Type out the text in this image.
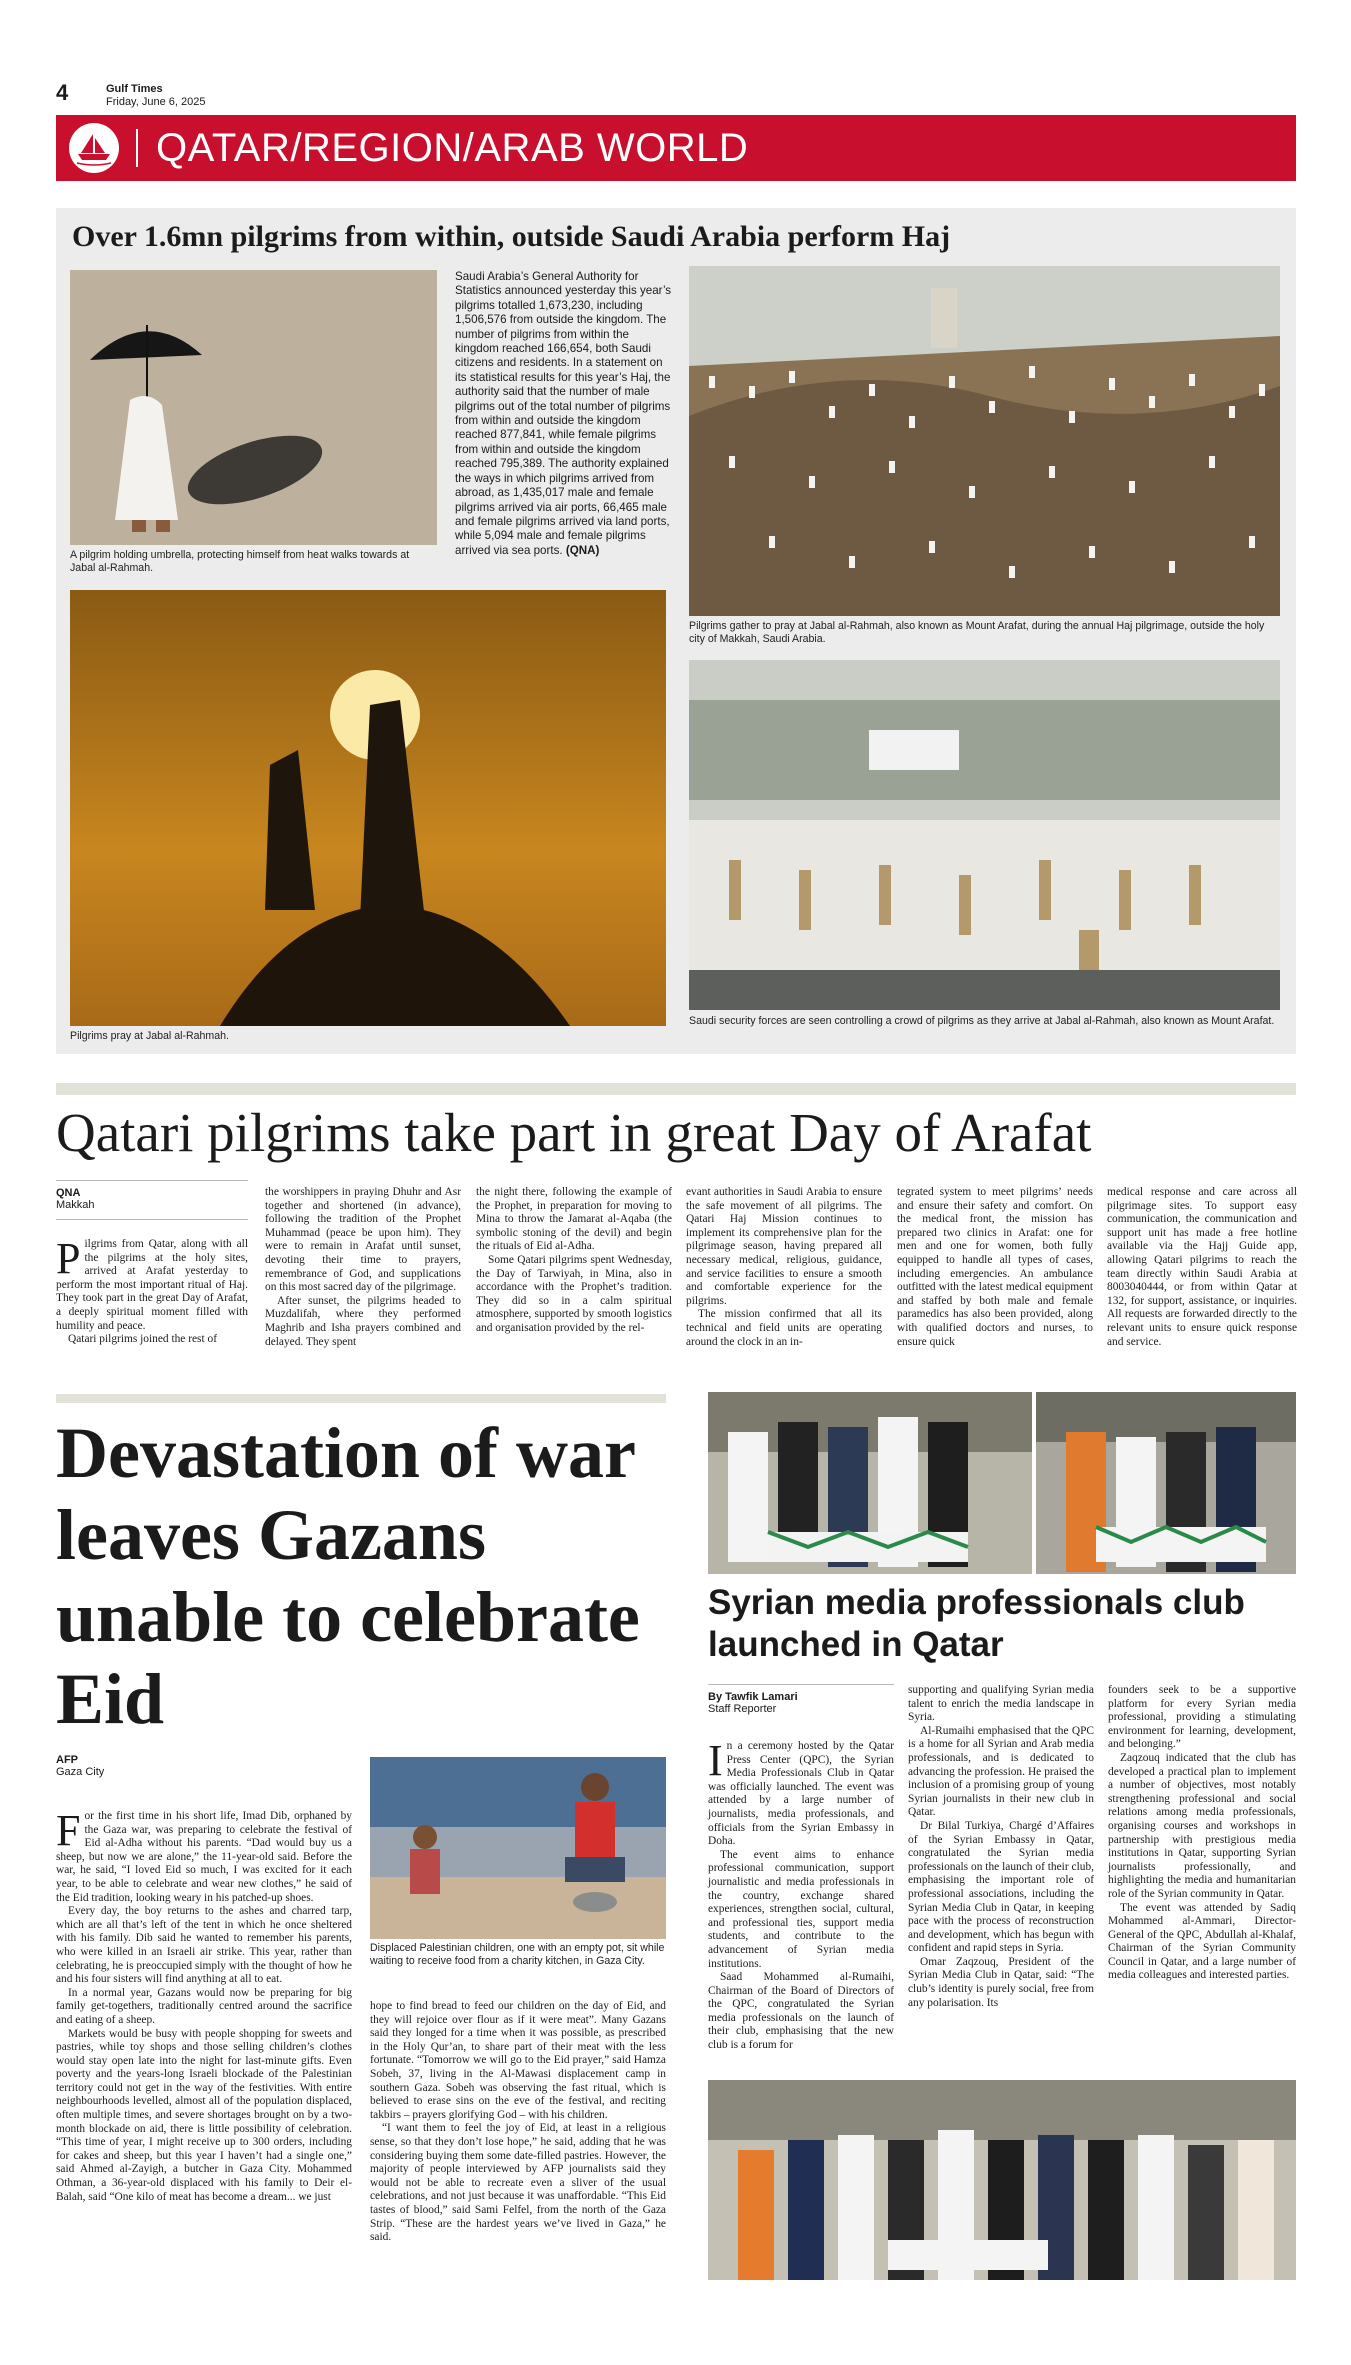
4	Gulf Times
Friday, June 6, 2025
QATAR/REGION/ARAB WORLD
Over 1.6mn pilgrims from within, outside Saudi Arabia perform Haj
A pilgrim holding umbrella, protecting himself from heat walks towards at Jabal al-Rahmah.
Saudi Arabia’s General Authority for Statistics announced yesterday this year’s pilgrims totalled 1,673,230, including 1,506,576 from outside the kingdom. The number of pilgrims from within the kingdom reached 166,654, both Saudi citizens and residents. In a statement on its statistical results for this year’s Haj, the authority said that the number of male pilgrims out of the total number of pilgrims from within and outside the kingdom reached 877,841, while female pilgrims from within and outside the kingdom reached 795,389. The authority explained the ways in which pilgrims arrived from abroad, as 1,435,017 male and female pilgrims arrived via air ports, 66,465 male and female pilgrims arrived via land ports, while 5,094 male and female pilgrims arrived via sea ports. (QNA)
Pilgrims gather to pray at Jabal al-Rahmah, also known as Mount Arafat, during the annual Haj pilgrimage, outside the holy city of Makkah, Saudi Arabia.
Pilgrims pray at Jabal al-Rahmah.
Saudi security forces are seen controlling a crowd of pilgrims as they arrive at Jabal al-Rahmah, also known as Mount Arafat.
Qatari pilgrims take part in great Day of Arafat
QNA
Makkah

Pilgrims from Qatar, along with all the pilgrims at the holy sites, arrived at Arafat yesterday to perform the most important ritual of Haj. They took part in the great Day of Arafat, a deeply spiritual moment filled with humility and peace.

Qatari pilgrims joined the rest of

the worshippers in praying Dhuhr and Asr together and shortened (in advance), following the tradition of the Prophet Muhammad (peace be upon him). They were to remain in Arafat until sunset, devoting their time to prayers, remembrance of God, and supplications on this most sacred day of the pilgrimage.

After sunset, the pilgrims headed to Muzdalifah, where they performed Maghrib and Isha prayers combined and delayed. They spent

the night there, following the example of the Prophet, in preparation for moving to Mina to throw the Jamarat al-Aqaba (the symbolic stoning of the devil) and begin the rituals of Eid al-Adha.

Some Qatari pilgrims spent Wednesday, the Day of Tarwiyah, in Mina, also in accordance with the Prophet’s tradition. They did so in a calm spiritual atmosphere, supported by smooth logistics and organisation provided by the rel-

evant authorities in Saudi Arabia to ensure the safe movement of all pilgrims. The Qatari Haj Mission continues to implement its comprehensive plan for the pilgrimage season, having prepared all necessary medical, religious, guidance, and service facilities to ensure a smooth and comfortable experience for the pilgrims.

The mission confirmed that all its technical and field units are operating around the clock in an in-

tegrated system to meet pilgrims’ needs and ensure their safety and comfort. On the medical front, the mission has prepared two clinics in Arafat: one for men and one for women, both fully equipped to handle all types of cases, including emergencies. An ambulance outfitted with the latest medical equipment and staffed by both male and female paramedics has also been provided, along with qualified doctors and nurses, to ensure quick

medical response and care across all pilgrimage sites. To support easy communication, the communication and support unit has made a free hotline available via the Hajj Guide app, allowing Qatari pilgrims to reach the team directly within Saudi Arabia at 8003040444, or from within Qatar at 132, for support, assistance, or inquiries. All requests are forwarded directly to the relevant units to ensure quick response and service.

Devastation of war leaves Gazans unable to celebrate Eid
AFP
Gaza City

For the first time in his short life, Imad Dib, orphaned by the Gaza war, was preparing to celebrate the festival of Eid al-Adha without his parents. “Dad would buy us a sheep, but now we are alone,” the 11-year-old said. Before the war, he said, “I loved Eid so much, I was excited for it each year, to be able to celebrate and wear new clothes,” he said of the Eid tradition, looking weary in his patched-up shoes.

Every day, the boy returns to the ashes and charred tarp, which are all that’s left of the tent in which he once sheltered with his family. Dib said he wanted to remember his parents, who were killed in an Israeli air strike. This year, rather than celebrating, he is preoccupied simply with the thought of how he and his four sisters will find anything at all to eat.

In a normal year, Gazans would now be preparing for big family get-togethers, traditionally centred around the sacrifice and eating of a sheep.

Markets would be busy with people shopping for sweets and pastries, while toy shops and those selling children’s clothes would stay open late into the night for last-minute gifts. Even poverty and the years-long Israeli blockade of the Palestinian territory could not get in the way of the festivities. With entire neighbourhoods levelled, almost all of the population displaced, often multiple times, and severe shortages brought on by a two-month blockade on aid, there is little possibility of celebration. “This time of year, I might receive up to 300 orders, including for cakes and sheep, but this year I haven’t had a single one,” said Ahmed al-Zayigh, a butcher in Gaza City. Mohammed Othman, a 36-year-old displaced with his family to Deir el-Balah, said “One kilo of meat has become a dream... we just

Displaced Palestinian children, one with an empty pot, sit while waiting to receive food from a charity kitchen, in Gaza City.

hope to find bread to feed our children on the day of Eid, and they will rejoice over flour as if it were meat”. Many Gazans said they longed for a time when it was possible, as prescribed in the Holy Qur’an, to share part of their meat with the less fortunate. “Tomorrow we will go to the Eid prayer,” said Hamza Sobeh, 37, living in the Al-Mawasi displacement camp in southern Gaza. Sobeh was observing the fast ritual, which is believed to erase sins on the eve of the festival, and reciting takbirs – prayers glorifying God – with his children.

“I want them to feel the joy of Eid, at least in a religious sense, so that they don’t lose hope,” he said, adding that he was considering buying them some date-filled pastries. However, the majority of people interviewed by AFP journalists said they would not be able to recreate even a sliver of the usual celebrations, and not just because it was unaffordable. “This Eid tastes of blood,” said Sami Felfel, from the north of the Gaza Strip. “These are the hardest years we’ve lived in Gaza,” he said.

Syrian media professionals club launched in Qatar
By Tawfik Lamari
Staff Reporter

In a ceremony hosted by the Qatar Press Center (QPC), the Syrian Media Professionals Club in Qatar was officially launched. The event was attended by a large number of journalists, media professionals, and officials from the Syrian Embassy in Doha.

The event aims to enhance professional communication, support journalistic and media professionals in the country, exchange shared experiences, strengthen social, cultural, and professional ties, support media students, and contribute to the advancement of Syrian media institutions.

Saad Mohammed al-Rumaihi, Chairman of the Board of Directors of the QPC, congratulated the Syrian media professionals on the launch of their club, emphasising that the new club is a forum for

supporting and qualifying Syrian media talent to enrich the media landscape in Syria.

Al-Rumaihi emphasised that the QPC is a home for all Syrian and Arab media professionals, and is dedicated to advancing the profession. He praised the inclusion of a promising group of young Syrian journalists in their new club in Qatar.

Dr Bilal Turkiya, Chargé d’Affaires of the Syrian Embassy in Qatar, congratulated the Syrian media professionals on the launch of their club, emphasising the important role of professional associations, including the Syrian Media Club in Qatar, in keeping pace with the process of reconstruction and development, which has begun with confident and rapid steps in Syria.

Omar Zaqzouq, President of the Syrian Media Club in Qatar, said: “The club’s identity is purely social, free from any polarisation. Its

founders seek to be a supportive platform for every Syrian media professional, providing a stimulating environment for learning, development, and belonging.”

Zaqzouq indicated that the club has developed a practical plan to implement a number of objectives, most notably strengthening professional and social relations among media professionals, organising courses and workshops in partnership with prestigious media institutions in Qatar, supporting Syrian journalists professionally, and highlighting the media and humanitarian role of the Syrian community in Qatar.

The event was attended by Sadiq Mohammed al-Ammari, Director-General of the QPC, Abdullah al-Khalaf, Chairman of the Syrian Community Council in Qatar, and a large number of media colleagues and interested parties.
